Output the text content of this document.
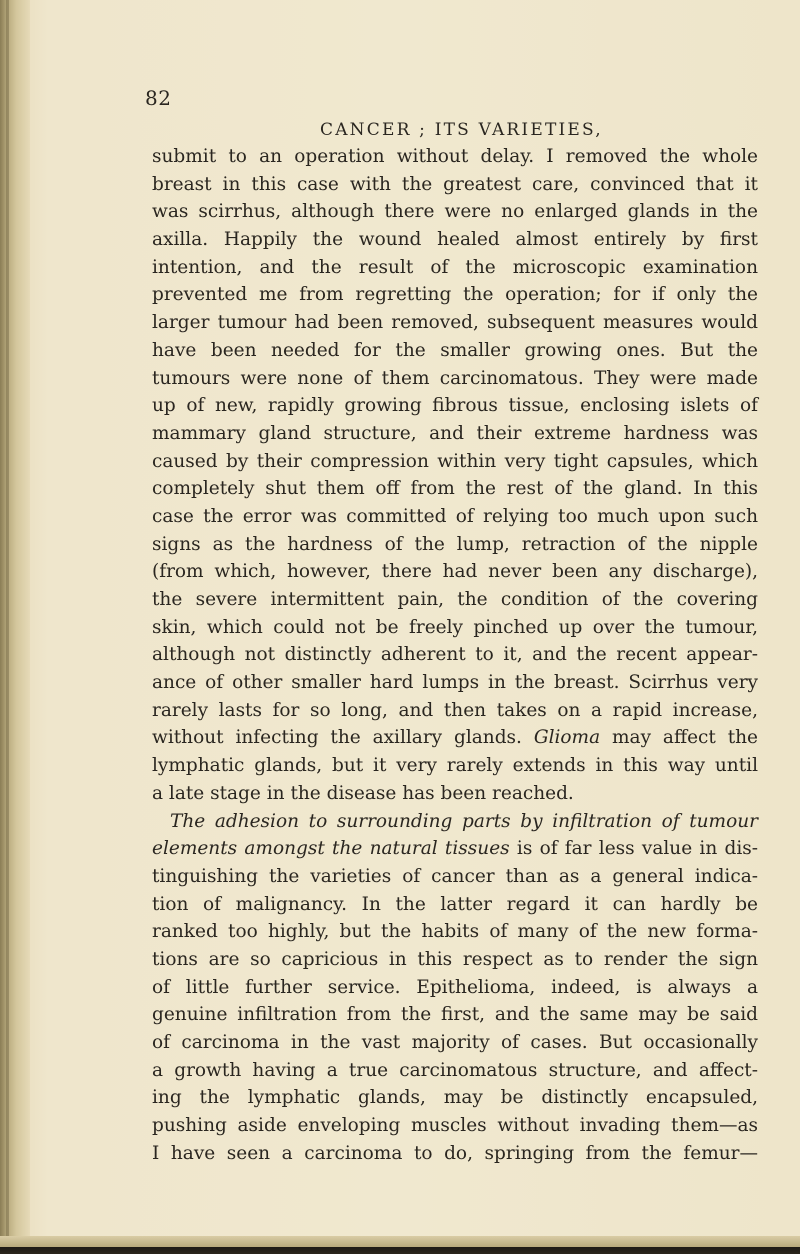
82
CANCER ; ITS VARIETIES,
submit to an operation without delay. I removed the whole
breast in this case with the greatest care, convinced that it
was scirrhus, although there were no enlarged glands in the
axilla. Happily the wound healed almost entirely by first
intention, and the result of the microscopic examination
prevented me from regretting the operation; for if only the
larger tumour had been removed, subsequent measures would
have been needed for the smaller growing ones. But the
tumours were none of them carcinomatous. They were made
up of new, rapidly growing fibrous tissue, enclosing islets of
mammary gland structure, and their extreme hardness was
caused by their compression within very tight capsules, which
completely shut them off from the rest of the gland. In this
case the error was committed of relying too much upon such
signs as the hardness of the lump, retraction of the nipple
(from which, however, there had never been any discharge),
the severe intermittent pain, the condition of the covering
skin, which could not be freely pinched up over the tumour,
although not distinctly adherent to it, and the recent appear-
ance of other smaller hard lumps in the breast. Scirrhus very
rarely lasts for so long, and then takes on a rapid increase,
without infecting the axillary glands. Glioma may affect the
lymphatic glands, but it very rarely extends in this way until
a late stage in the disease has been reached.
The adhesion to surrounding parts by infiltration of tumour
elements amongst the natural tissues is of far less value in dis-
tinguishing the varieties of cancer than as a general indica-
tion of malignancy. In the latter regard it can hardly be
ranked too highly, but the habits of many of the new forma-
tions are so capricious in this respect as to render the sign
of little further service. Epithelioma, indeed, is always a
genuine infiltration from the first, and the same may be said
of carcinoma in the vast majority of cases. But occasionally
a growth having a true carcinomatous structure, and affect-
ing the lymphatic glands, may be distinctly encapsuled,
pushing aside enveloping muscles without invading them—as
I have seen a carcinoma to do, springing from the femur—
